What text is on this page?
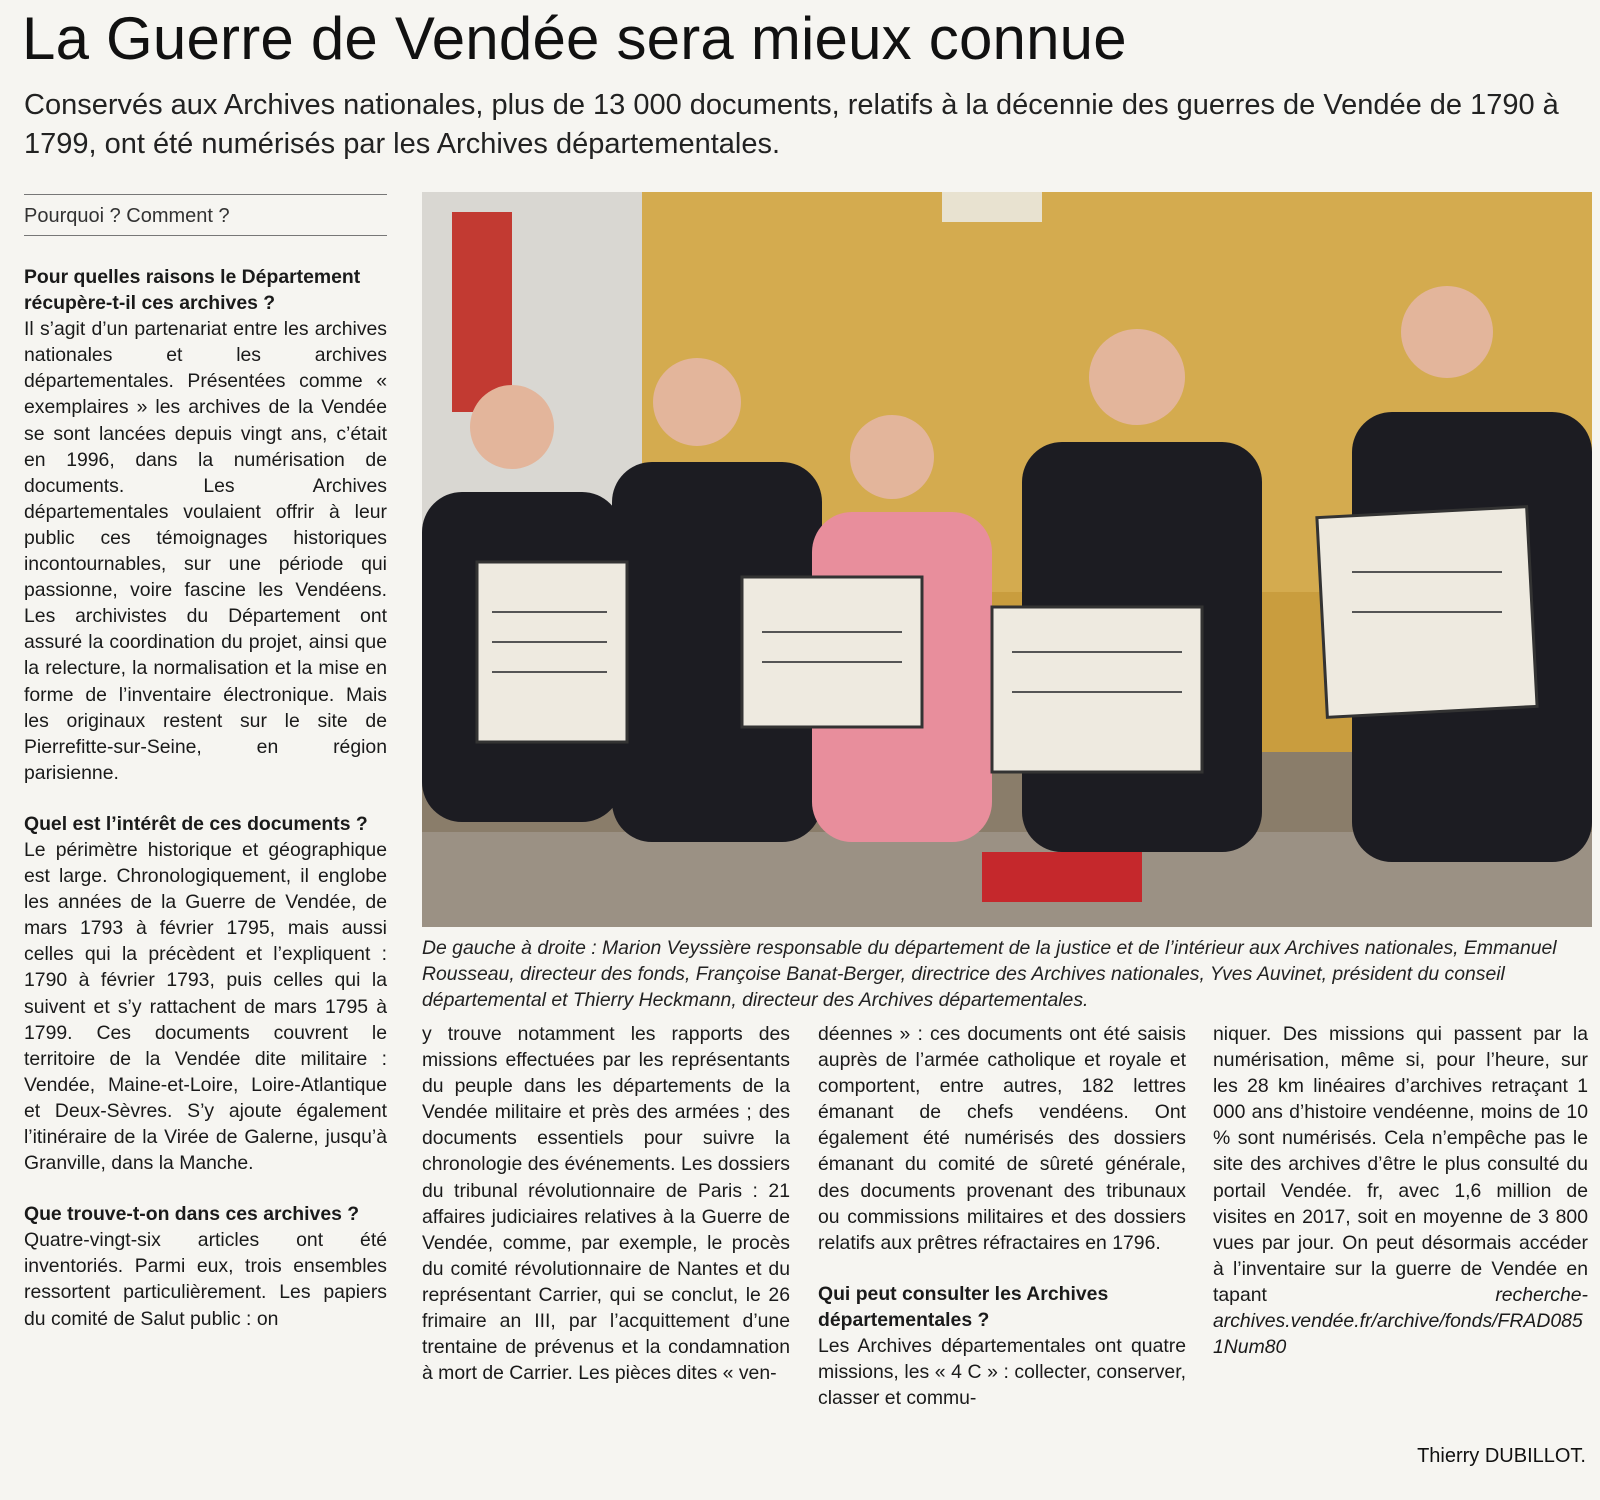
La Guerre de Vendée sera mieux connue

Conservés aux Archives nationales, plus de 13 000 documents, relatifs à la décennie des guerres de Vendée de 1790 à 1799, ont été numérisés par les Archives départementales.

Pourquoi ? Comment ?

Pour quelles raisons le Département récupère-t-il ces archives ?

Il s’agit d’un partenariat entre les archives nationales et les archives départementales. Présentées comme « exemplaires » les archives de la Vendée se sont lancées depuis vingt ans, c’était en 1996, dans la numérisation de documents. Les Archives départementales voulaient offrir à leur public ces témoignages historiques incontournables, sur une période qui passionne, voire fascine les Vendéens. Les archivistes du Département ont assuré la coordination du projet, ainsi que la relecture, la normalisation et la mise en forme de l’inventaire électronique. Mais les originaux restent sur le site de Pierrefitte-sur-Seine, en région parisienne.

Quel est l’intérêt de ces documents ?

Le périmètre historique et géographique est large. Chronologiquement, il englobe les années de la Guerre de Vendée, de mars 1793 à février 1795, mais aussi celles qui la précèdent et l’expliquent : 1790 à février 1793, puis celles qui la suivent et s’y rattachent de mars 1795 à 1799. Ces documents couvrent le territoire de la Vendée dite militaire : Vendée, Maine-et-Loire, Loire-Atlantique et Deux-Sèvres. S’y ajoute également l’itinéraire de la Virée de Galerne, jusqu’à Granville, dans la Manche.

Que trouve-t-on dans ces archives ?

Quatre-vingt-six articles ont été inventoriés. Parmi eux, trois ensembles ressortent particulièrement. Les papiers du comité de Salut public : on

De gauche à droite : Marion Veyssière responsable du département de la justice et de l’intérieur aux Archives nationales, Emmanuel Rousseau, directeur des fonds, Françoise Banat-Berger, directrice des Archives nationales, Yves Auvinet, président du conseil départemental et Thierry Heckmann, directeur des Archives départementales.

y trouve notamment les rapports des missions effectuées par les représentants du peuple dans les départements de la Vendée militaire et près des armées ; des documents essentiels pour suivre la chronologie des événements. Les dossiers du tribunal révolutionnaire de Paris : 21 affaires judiciaires relatives à la Guerre de Vendée, comme, par exemple, le procès du comité révolutionnaire de Nantes et du représentant Carrier, qui se conclut, le 26 frimaire an III, par l’acquittement d’une trentaine de prévenus et la condamnation à mort de Carrier. Les pièces dites « ven-

déennes » : ces documents ont été saisis auprès de l’armée catholique et royale et comportent, entre autres, 182 lettres émanant de chefs vendéens. Ont également été numérisés des dossiers émanant du comité de sûreté générale, des documents provenant des tribunaux ou commissions militaires et des dossiers relatifs aux prêtres réfractaires en 1796.

Qui peut consulter les Archives départementales ?

Les Archives départementales ont quatre missions, les « 4 C » : collecter, conserver, classer et commu-

niquer. Des missions qui passent par la numérisation, même si, pour l’heure, sur les 28 km linéaires d’archives retraçant 1 000 ans d’histoire vendéenne, moins de 10 % sont numérisés. Cela n’empêche pas le site des archives d’être le plus consulté du portail Vendée. fr, avec 1,6 million de visites en 2017, soit en moyenne de 3 800 vues par jour. On peut désormais accéder à l’inventaire sur la guerre de Vendée en tapant	recherche-archives.vendée.fr/archive/fonds/FRAD085 1Num80

Thierry DUBILLOT.
